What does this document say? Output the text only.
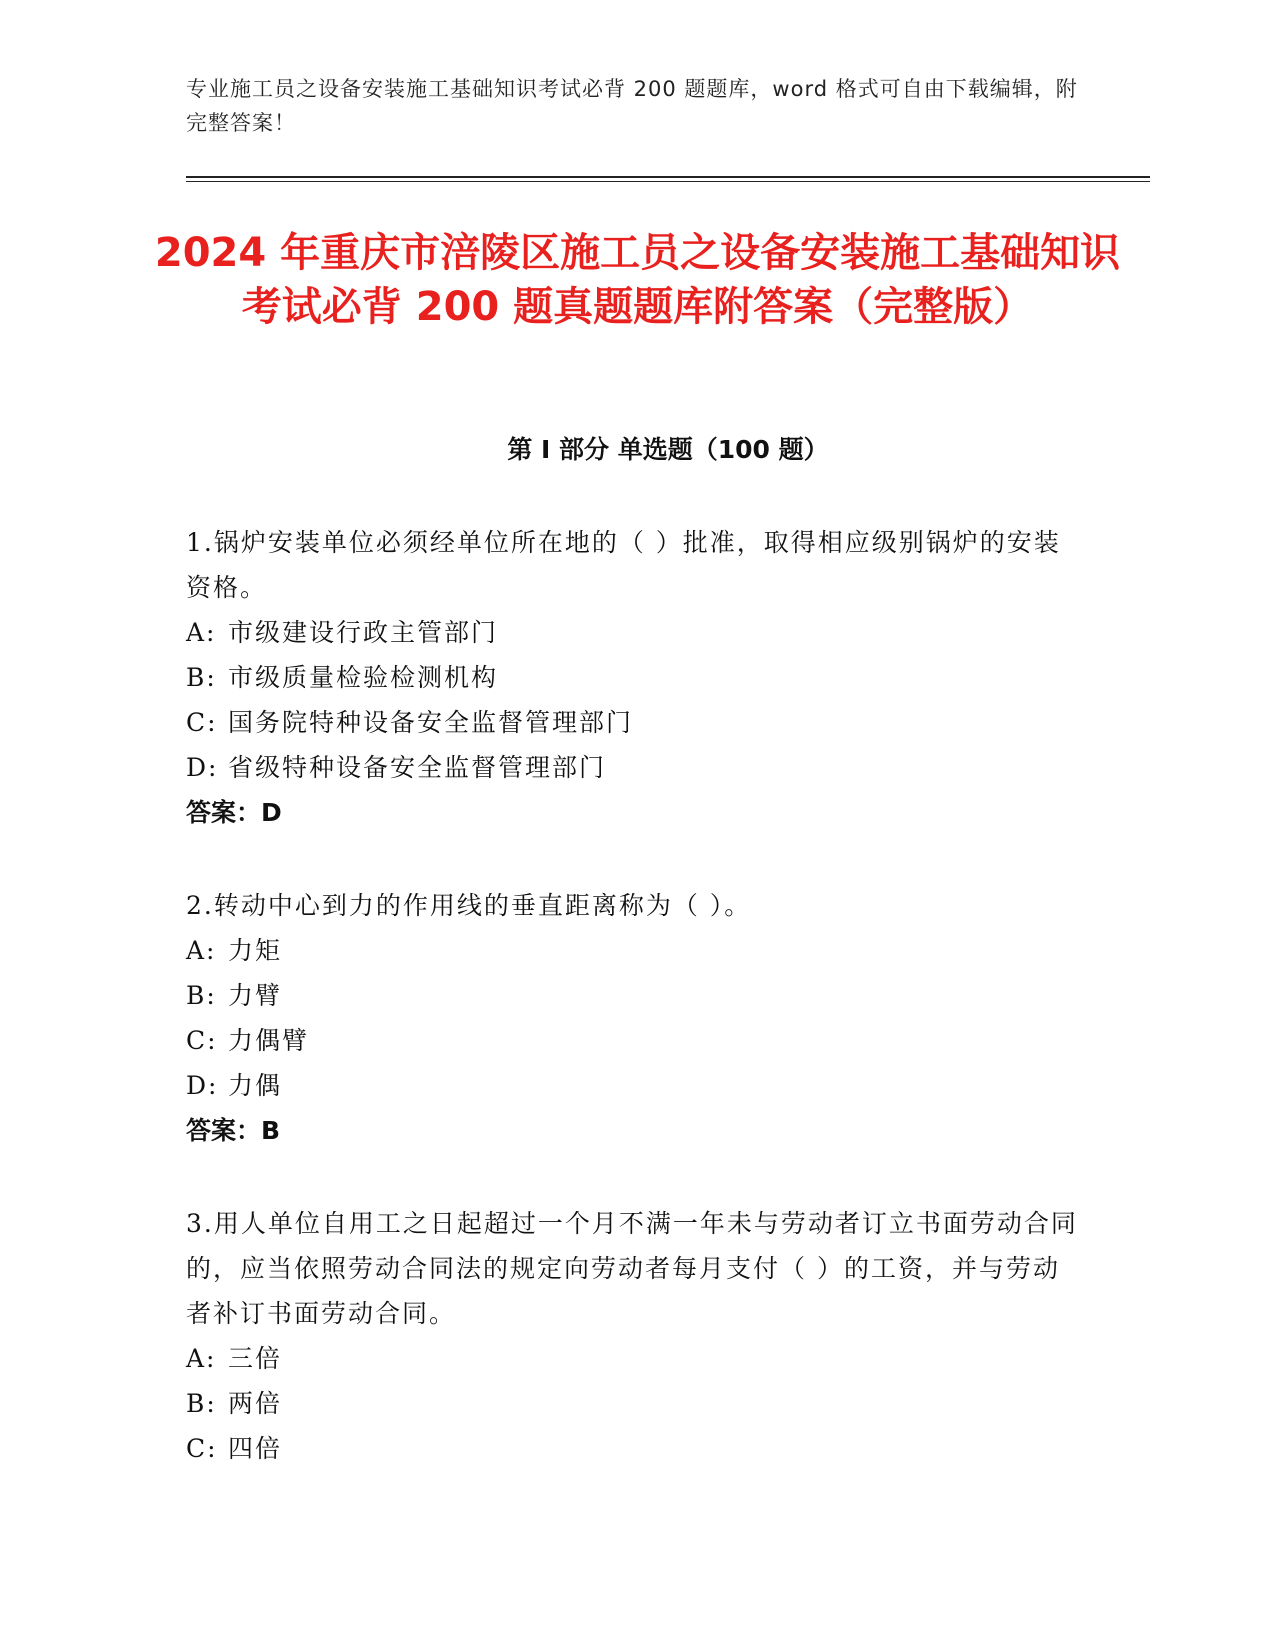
专业施工员之设备安装施工基础知识考试必背 200 题题库，word 格式可自由下载编辑，附完整答案！
2024 年重庆市涪陵区施工员之设备安装施工基础知识考试必背 200 题真题题库附答案（完整版）
第 I 部分 单选题（100 题）
1.锅炉安装单位必须经单位所在地的（ ）批准，取得相应级别锅炉的安装资格。
A: 市级建设行政主管部门
B: 市级质量检验检测机构
C: 国务院特种设备安全监督管理部门
D: 省级特种设备安全监督管理部门
答案：D
2.转动中心到力的作用线的垂直距离称为（ ）。
A: 力矩
B: 力臂
C: 力偶臂
D: 力偶
答案：B
3.用人单位自用工之日起超过一个月不满一年未与劳动者订立书面劳动合同的，应当依照劳动合同法的规定向劳动者每月支付（ ）的工资，并与劳动者补订书面劳动合同。
A: 三倍
B: 两倍
C: 四倍
